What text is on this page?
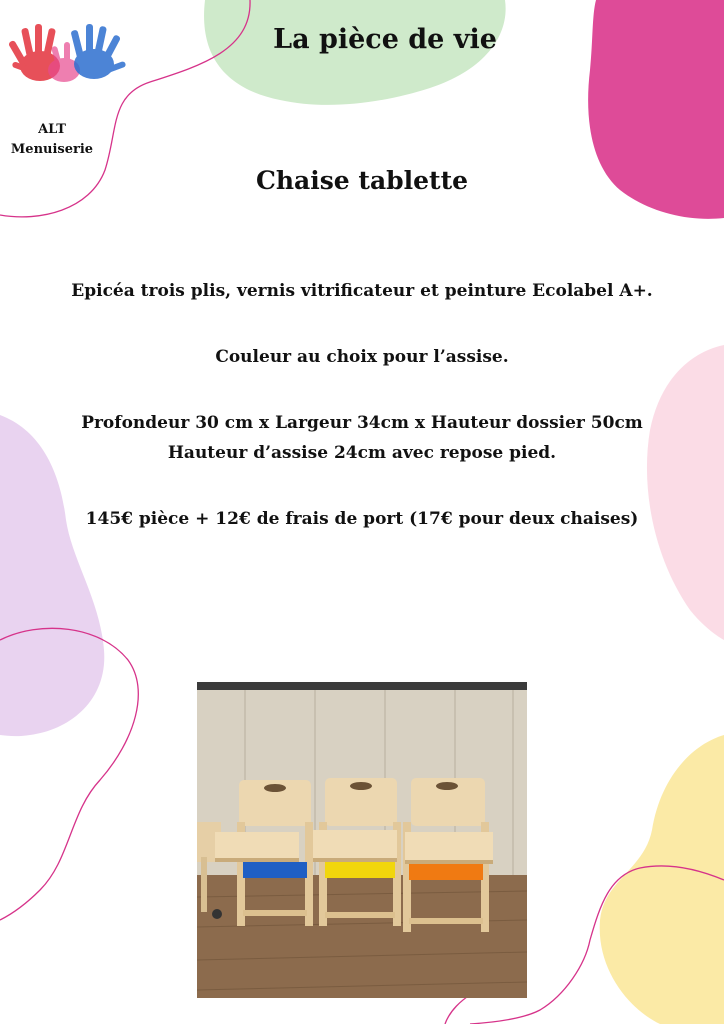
ALT
Menuiserie
La pièce de vie
Chaise tablette

Epicéa trois plis, vernis vitrificateur et peinture Ecolabel A+.

Couleur au choix pour l’assise.

Profondeur 30 cm x Largeur 34cm x Hauteur dossier 50cm

Hauteur d’assise 24cm avec repose pied.

145€ pièce + 12€ de frais de port (17€ pour deux chaises)
